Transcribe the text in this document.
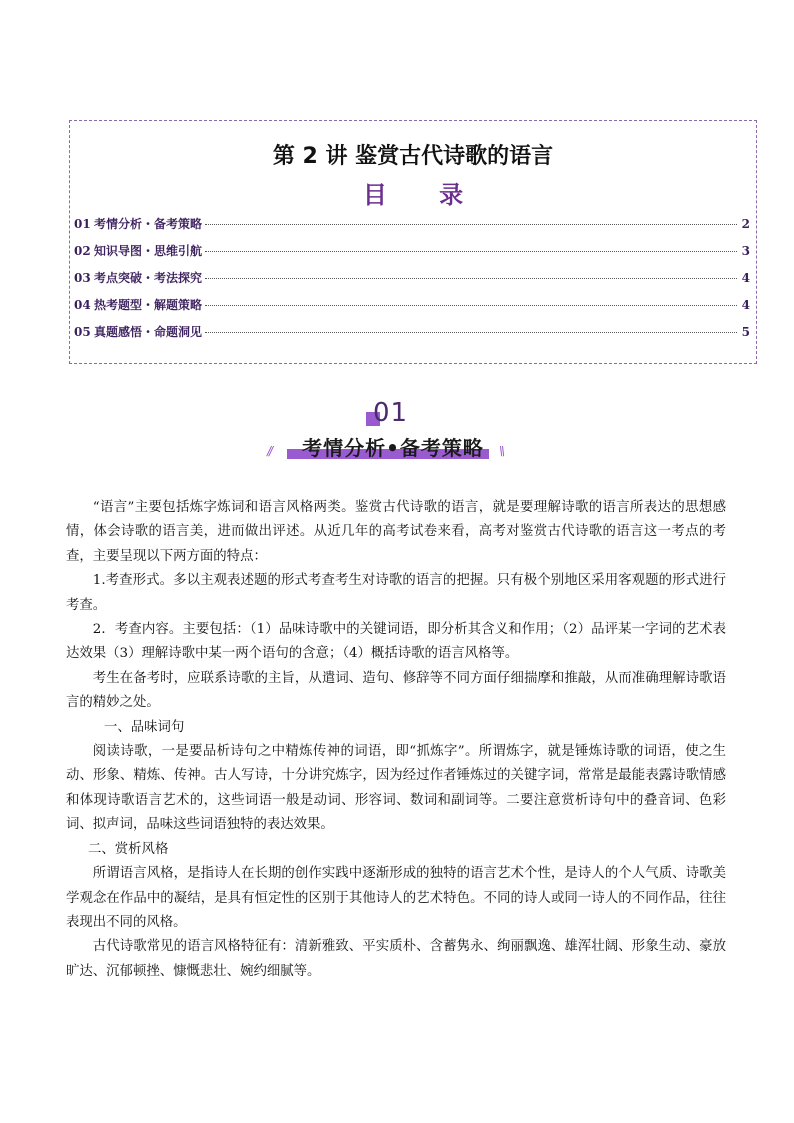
第 2 讲 鉴赏古代诗歌的语言
目 录
01 考情分析・备考策略	2
02 知识导图・思维引航	3
03 考点突破・考法探究	4
04 热考题型・解题策略	4
05 真题感悟・命题洞见	5
01
//	考情分析•备考策略	\\

“语言”主要包括炼字炼词和语言风格两类。鉴赏古代诗歌的语言，就是要理解诗歌的语言所表达的思想感情，体会诗歌的语言美，进而做出评述。从近几年的高考试卷来看，高考对鉴赏古代诗歌的语言这一考点的考查，主要呈现以下两方面的特点：

1.考查形式。多以主观表述题的形式考查考生对诗歌的语言的把握。只有极个别地区采用客观题的形式进行考查。

2．考查内容。主要包括：（1）品味诗歌中的关键词语，即分析其含义和作用；（2）品评某一字词的艺术表达效果（3）理解诗歌中某一两个语句的含意；（4）概括诗歌的语言风格等。

考生在备考时，应联系诗歌的主旨，从遣词、造句、修辞等不同方面仔细揣摩和推敲，从而准确理解诗歌语言的精妙之处。

一、品味词句

阅读诗歌，一是要品析诗句之中精炼传神的词语，即“抓炼字”。所谓炼字，就是锤炼诗歌的词语，使之生动、形象、精炼、传神。古人写诗，十分讲究炼字，因为经过作者锤炼过的关键字词，常常是最能表露诗歌情感和体现诗歌语言艺术的，这些词语一般是动词、形容词、数词和副词等。二要注意赏析诗句中的叠音词、色彩词、拟声词，品味这些词语独特的表达效果。

二、赏析风格

所谓语言风格，是指诗人在长期的创作实践中逐渐形成的独特的语言艺术个性，是诗人的个人气质、诗歌美学观念在作品中的凝结，是具有恒定性的区别于其他诗人的艺术特色。不同的诗人或同一诗人的不同作品，往往表现出不同的风格。

古代诗歌常见的语言风格特征有：清新雅致、平实质朴、含蓄隽永、绚丽飘逸、雄浑壮阔、形象生动、豪放旷达、沉郁顿挫、慷慨悲壮、婉约细腻等。
